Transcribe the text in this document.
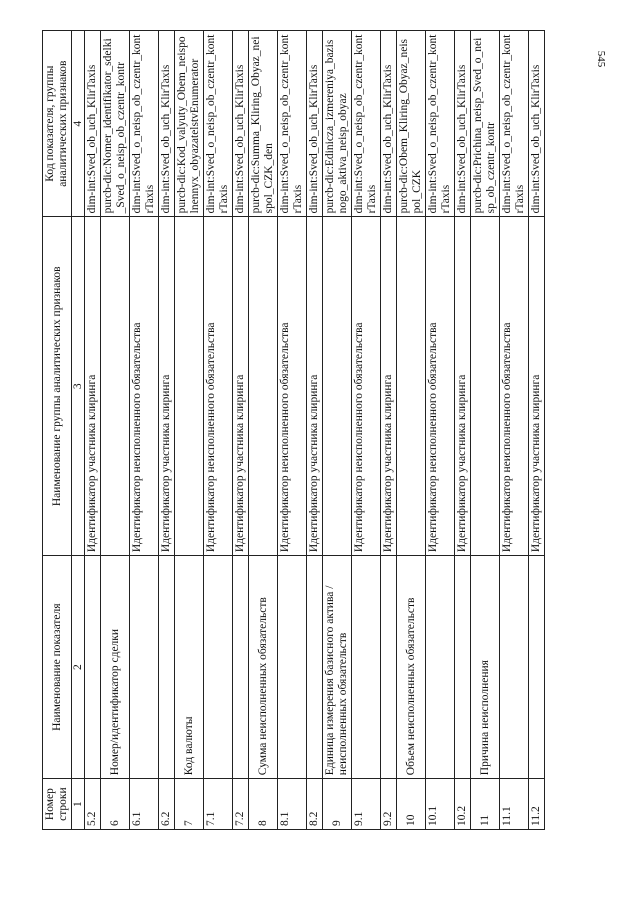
545
Номер строки	Наименование показателя	Наименование группы аналитических признаков	Код показателя, группы аналитических признаков
1	2	3	4
5.2		Идентификатор участника клиринга	dim-int:Sved_ob_uch_KlirTaxis
6	Номер/идентификатор сделки		purcb-dic:Nomer_identifikator_sdelki_Sved_o_neisp_ob_czentr_kontr
6.1		Идентификатор неисполненного обязательства	dim-int:Sved_o_neisp_ob_czentr_kontrTaxis
6.2		Идентификатор участника клиринга	dim-int:Sved_ob_uch_KlirTaxis
7	Код валюты		purcb-dic:Kod_valyuty_Obem_neispolnennyx_obyazatelstvEnumerator
7.1		Идентификатор неисполненного обязательства	dim-int:Sved_o_neisp_ob_czentr_kontrTaxis
7.2		Идентификатор участника клиринга	dim-int:Sved_ob_uch_KlirTaxis
8	Сумма неисполненных обязательств		purcb-dic:Summa_Kliring_Obyaz_neispol_CZK_den
8.1		Идентификатор неисполненного обязательства	dim-int:Sved_o_neisp_ob_czentr_kontrTaxis
8.2		Идентификатор участника клиринга	dim-int:Sved_ob_uch_KlirTaxis
9	Единица измерения базисного актива / неисполненных обязательств		purcb-dic:Edinicza_izmereniya_bazisnogo_aktiva_neisp_obyaz
9.1		Идентификатор неисполненного обязательства	dim-int:Sved_o_neisp_ob_czentr_kontrTaxis
9.2		Идентификатор участника клиринга	dim-int:Sved_ob_uch_KlirTaxis
10	Объем неисполненных обязательств		purcb-dic:Obem_Kliring_Obyaz_neispol_CZK
10.1		Идентификатор неисполненного обязательства	dim-int:Sved_o_neisp_ob_czentr_kontrTaxis
10.2		Идентификатор участника клиринга	dim-int:Sved_ob_uch_KlirTaxis
11	Причина неисполнения		purcb-dic:Prichina_neisp_Sved_o_neisp_ob_czentr_kontr
11.1		Идентификатор неисполненного обязательства	dim-int:Sved_o_neisp_ob_czentr_kontrTaxis
11.2		Идентификатор участника клиринга	dim-int:Sved_ob_uch_KlirTaxis
